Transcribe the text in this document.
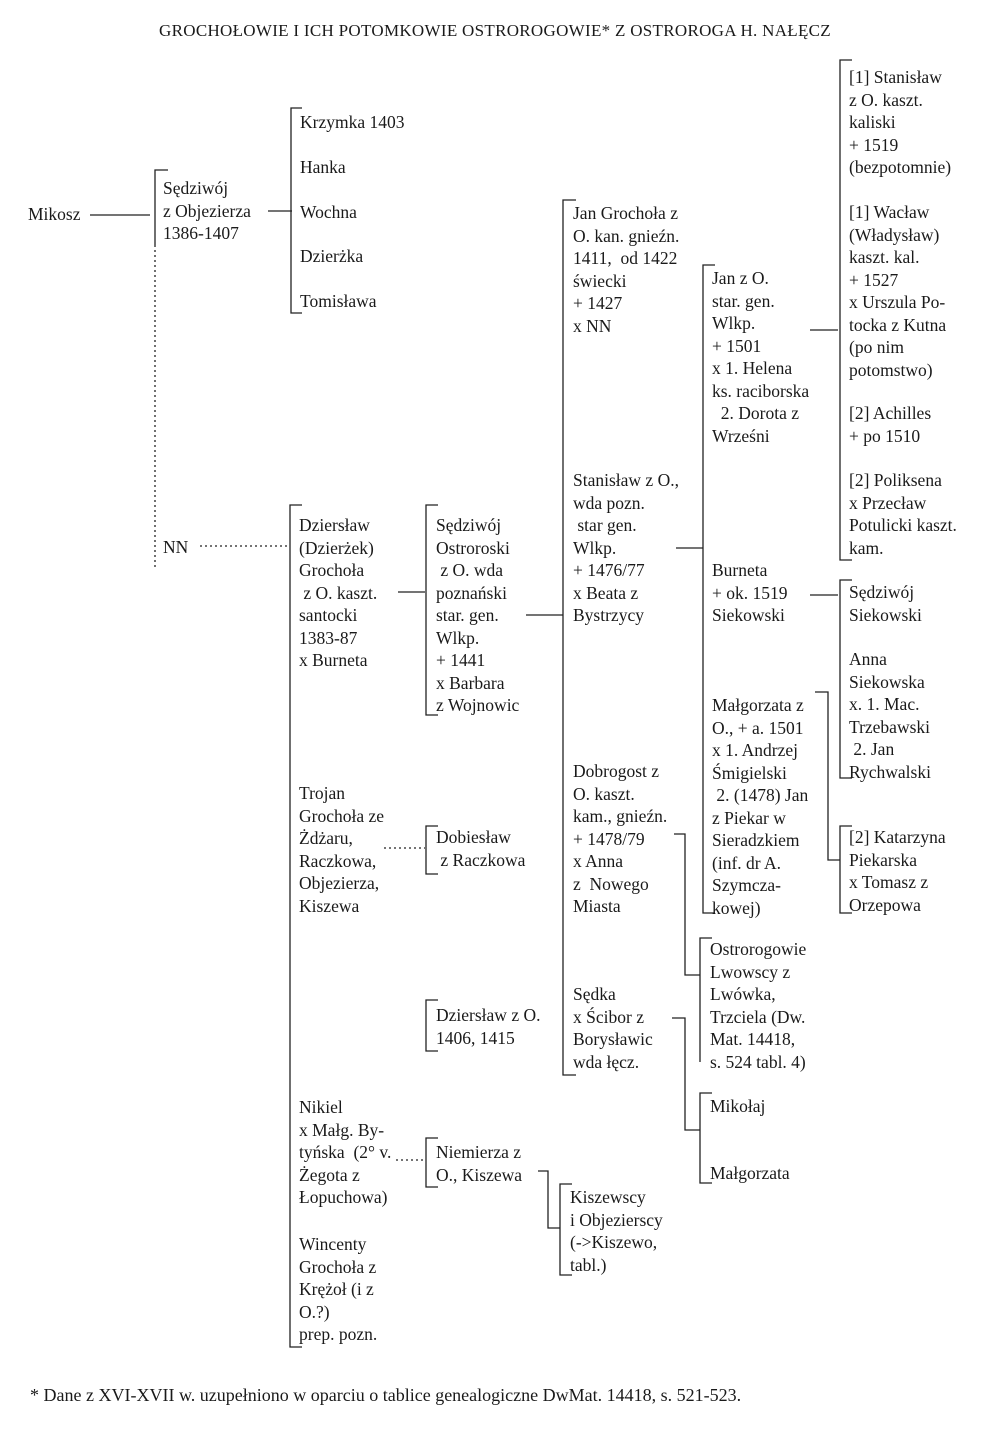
GROCHOŁOWIE I ICH POTOMKOWIE OSTROROGOWIE* Z OSTROROGA H. NAŁĘCZ
Mikosz
Sędziwój
z Objezierza
1386-1407
Krzymka 1403
Hanka
Wochna
Dzierżka
Tomisława
NN
Dziersław
(Dzierżek)
Grochoła
z O. kaszt.
santocki
1383-87
x Burneta
Sędziwój
Ostroroski
z O. wda
poznański
star. gen.
Wlkp.
+ 1441
x Barbara
z Wojnowic
Trojan
Grochoła ze
Żdżaru,
Raczkowa,
Objezierza,
Kiszewa
Dobiesław
z Raczkowa
Dziersław z O.
1406, 1415
Nikiel
x Małg. By-
tyńska  (2° v.
Żegota z
Łopuchowa)
Niemierza z
O., Kiszewa
Wincenty
Grochoła z
Krężoł (i z
O.?)
prep. pozn.
Jan Grochoła z
O. kan. gnieźn.
1411,  od 1422
świecki
+ 1427
x NN
Stanisław z O.,
wda pozn.
star gen.
Wlkp.
+ 1476/77
x Beata z
Bystrzycy
Dobrogost z
O. kaszt.
kam., gnieźn.
+ 1478/79
x Anna
z  Nowego
Miasta
Sędka
x Ścibor z
Borysławic
wda łęcz.
Kiszewscy
i Objezierscy
(->Kiszewo,
tabl.)
Jan z O.
star. gen.
Wlkp.
+ 1501
x 1. Helena
ks. raciborska
2. Dorota z
Wrześni
Burneta
+ ok. 1519
Siekowski
Małgorzata z
O., + a. 1501
x 1. Andrzej
Śmigielski
2. (1478) Jan
z Piekar w
Sieradzkiem
(inf. dr A.
Szymcza-
kowej)
Ostrorogowie
Lwowscy z
Lwówka,
Trzciela (Dw.
Mat. 14418,
s. 524 tabl. 4)
Mikołaj
Małgorzata
[1] Stanisław
z O. kaszt.
kaliski
+ 1519
(bezpotomnie)
[1] Wacław
(Władysław)
kaszt. kal.
+ 1527
x Urszula Po-
tocka z Kutna
(po nim
potomstwo)
[2] Achilles
+ po 1510
[2] Poliksena
x Przecław
Potulicki kaszt.
kam.
Sędziwój
Siekowski
Anna
Siekowska
x. 1. Mac.
Trzebawski
2. Jan
Rychwalski
[2] Katarzyna
Piekarska
x Tomasz z
Orzepowa
* Dane z XVI-XVII w. uzupełniono w oparciu o tablice genealogiczne DwMat. 14418, s. 521-523.
